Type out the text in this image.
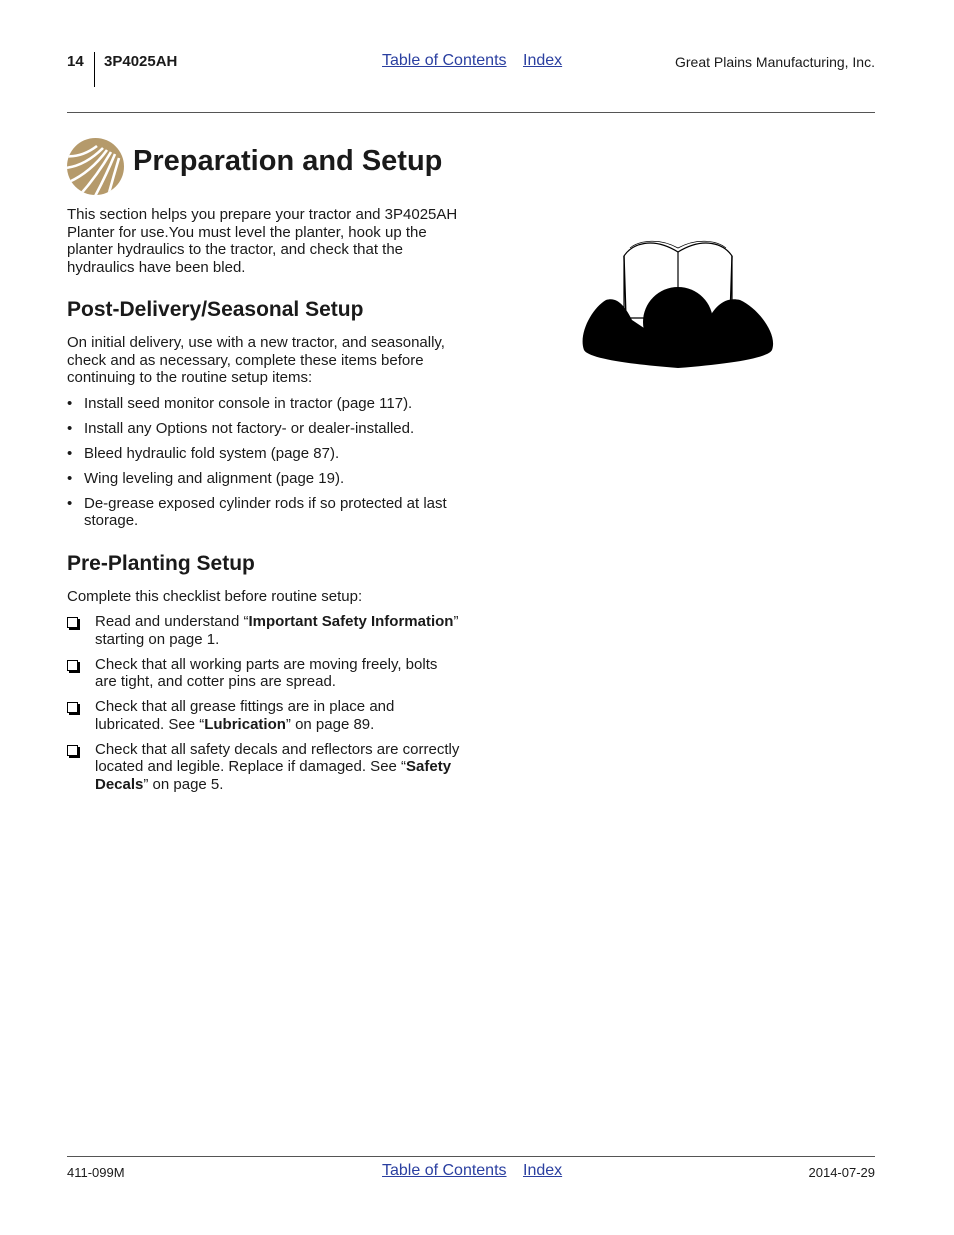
14 3P4025AH	Table of Contents Index	Great Plains Manufacturing, Inc.
Preparation and Setup

This section helps you prepare your tractor and 3P4025AH Planter for use.You must level the planter, hook up the planter hydraulics to the tractor, and check that the hydraulics have been bled.

Post-Delivery/Seasonal Setup

On initial delivery, use with a new tractor, and seasonally, check and as necessary, complete these items before continuing to the routine setup items:

• Install seed monitor console in tractor (page 117).
• Install any Options not factory- or dealer-installed.
• Bleed hydraulic fold system (page 87).
• Wing leveling and alignment (page 19).
• De-grease exposed cylinder rods if so protected at last storage.
Pre-Planting Setup

Complete this checklist before routine setup:

Read and understand “Important Safety Information” starting on page 1.
Check that all working parts are moving freely, bolts are tight, and cotter pins are spread.
Check that all grease fittings are in place and lubricated. See “Lubrication” on page 89.
Check that all safety decals and reflectors are correctly located and legible. Replace if damaged. See “Safety Decals” on page 5.
411-099M	Table of Contents Index	2014-07-29
